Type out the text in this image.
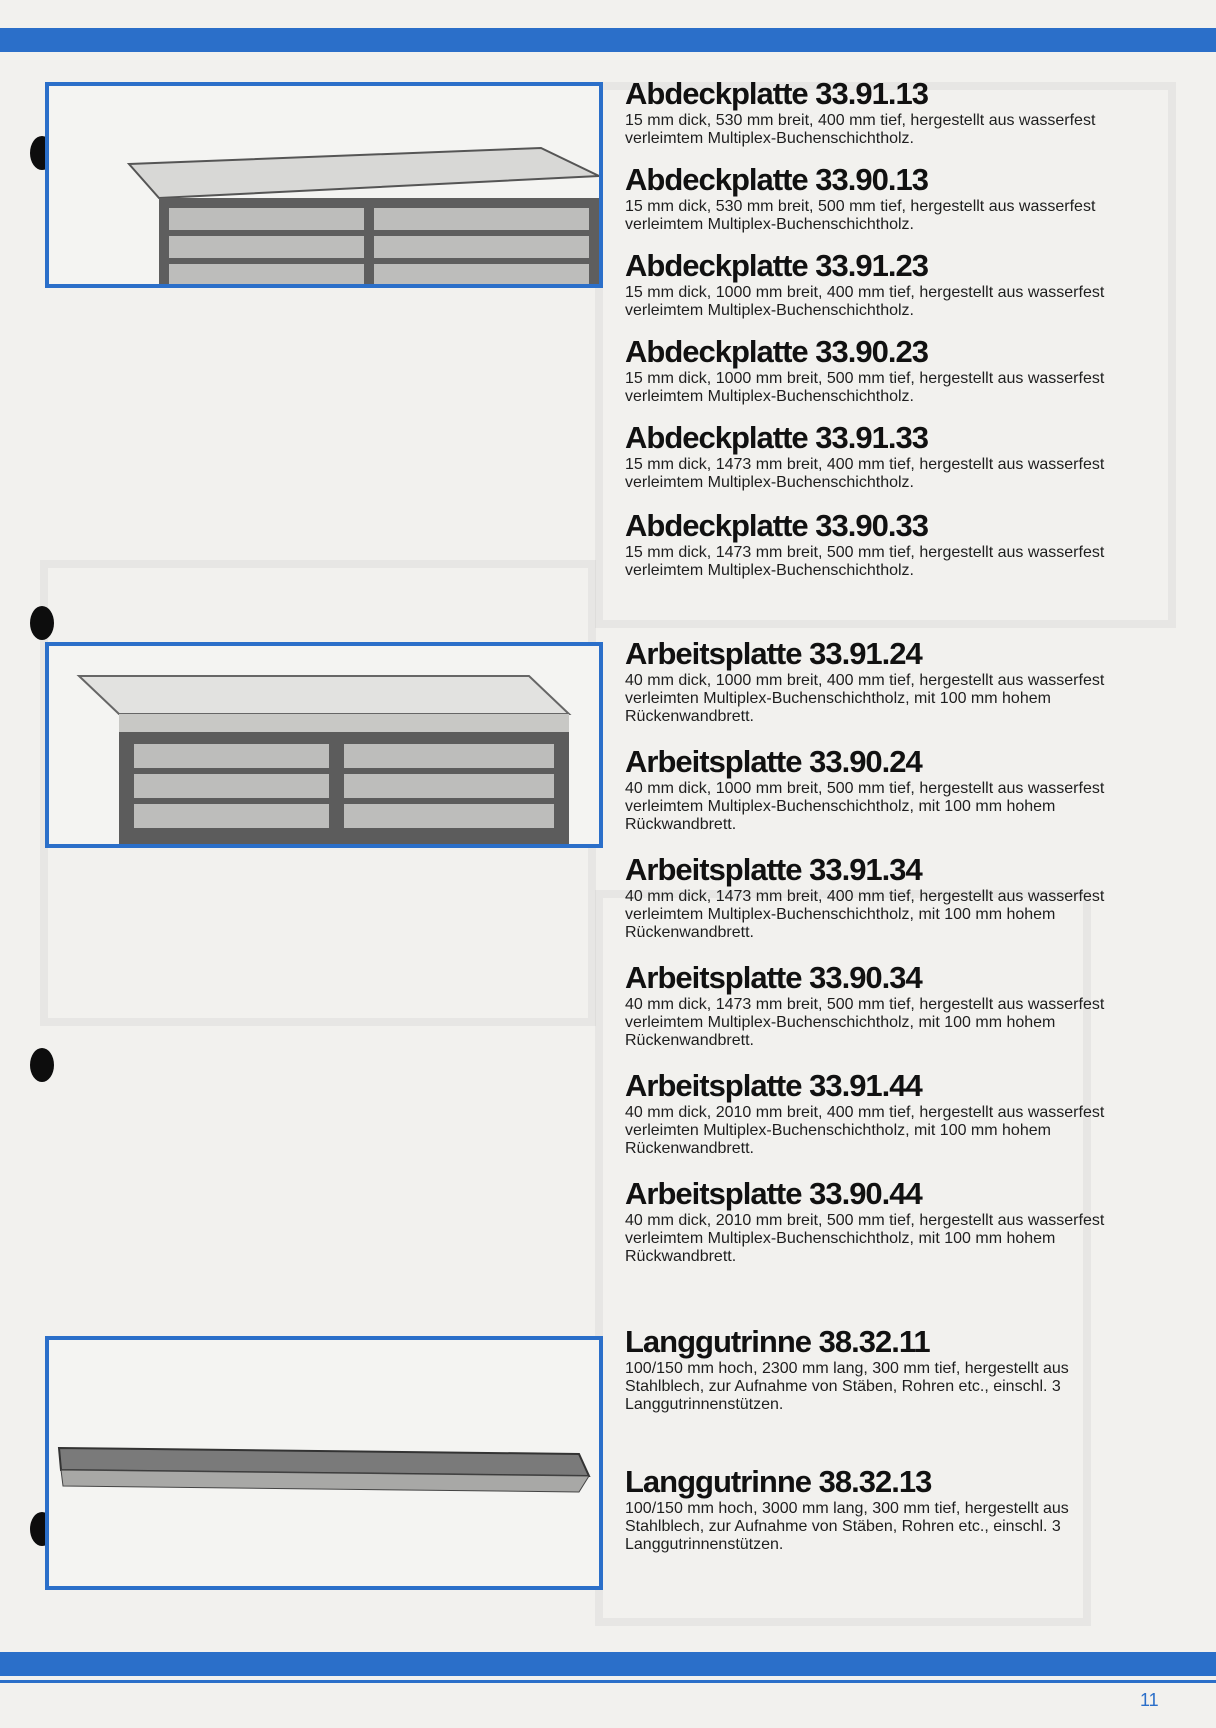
Abdeckplatte 33.91.13

15 mm dick, 530 mm breit, 400 mm tief, hergestellt aus wasserfest verleimtem Multiplex-Buchenschichtholz.

Abdeckplatte 33.90.13

15 mm dick, 530 mm breit, 500 mm tief, hergestellt aus wasserfest verleimtem Multiplex-Buchenschichtholz.

Abdeckplatte 33.91.23

15 mm dick, 1000 mm breit, 400 mm tief, hergestellt aus wasserfest verleimtem Multiplex-Buchenschichtholz.

Abdeckplatte 33.90.23

15 mm dick, 1000 mm breit, 500 mm tief, hergestellt aus wasserfest verleimtem Multiplex-Buchenschichtholz.

Abdeckplatte 33.91.33

15 mm dick, 1473 mm breit, 400 mm tief, hergestellt aus wasserfest verleimtem Multiplex-Buchenschichtholz.

Abdeckplatte 33.90.33

15 mm dick, 1473 mm breit, 500 mm tief, hergestellt aus wasserfest verleimtem Multiplex-Buchenschichtholz.

Arbeitsplatte 33.91.24

40 mm dick, 1000 mm breit, 400 mm tief, hergestellt aus wasserfest verleimten Multiplex-Buchenschichtholz, mit 100 mm hohem Rückenwandbrett.

Arbeitsplatte 33.90.24

40 mm dick, 1000 mm breit, 500 mm tief, hergestellt aus wasserfest verleimtem Multiplex-Buchenschichtholz, mit 100 mm hohem Rückwandbrett.

Arbeitsplatte 33.91.34

40 mm dick, 1473 mm breit, 400 mm tief, hergestellt aus wasserfest verleimtem Multiplex-Buchenschichtholz, mit 100 mm hohem Rückenwandbrett.

Arbeitsplatte 33.90.34

40 mm dick, 1473 mm breit, 500 mm tief, hergestellt aus wasserfest verleimtem Multiplex-Buchenschichtholz, mit 100 mm hohem Rückenwandbrett.

Arbeitsplatte 33.91.44

40 mm dick, 2010 mm breit, 400 mm tief, hergestellt aus wasserfest verleimten Multiplex-Buchenschichtholz, mit 100 mm hohem Rückenwandbrett.

Arbeitsplatte 33.90.44

40 mm dick, 2010 mm breit, 500 mm tief, hergestellt aus wasserfest verleimtem Multiplex-Buchenschichtholz, mit 100 mm hohem Rückwandbrett.

Langgutrinne 38.32.11

100/150 mm hoch, 2300 mm lang, 300 mm tief, hergestellt aus Stahlblech, zur Aufnahme von Stäben, Rohren etc., einschl. 3 Langgutrinnenstützen.

Langgutrinne 38.32.13

100/150 mm hoch, 3000 mm lang, 300 mm tief, hergestellt aus Stahlblech, zur Aufnahme von Stäben, Rohren etc., einschl. 3 Langgutrinnenstützen.

11
